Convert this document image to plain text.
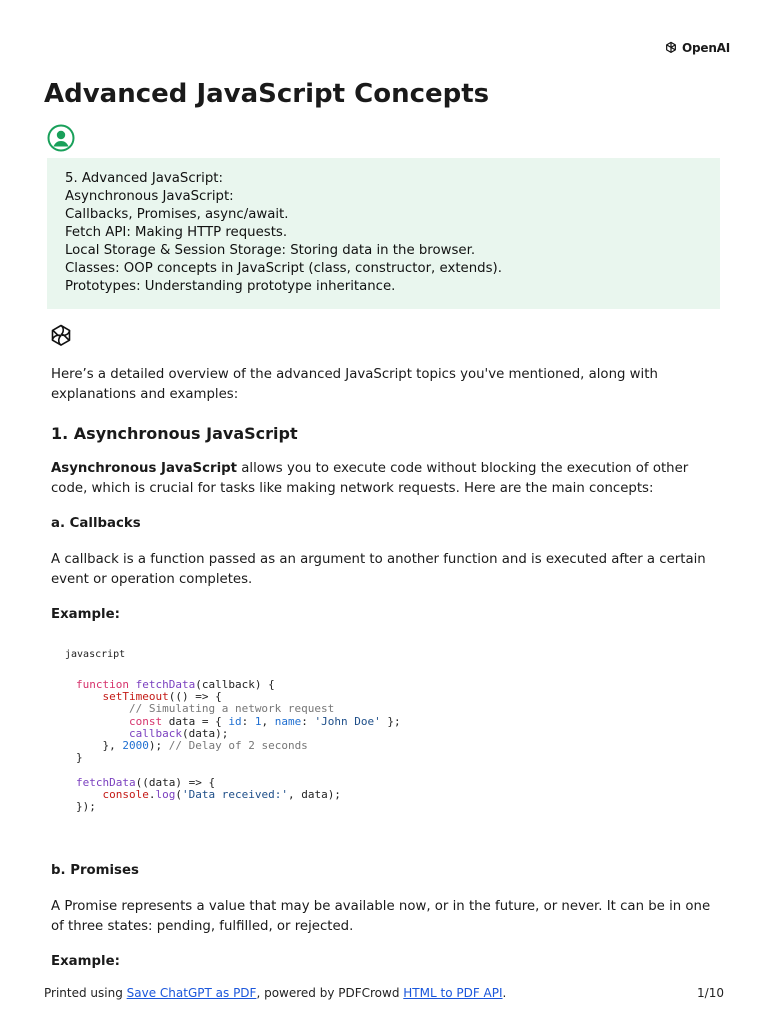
OpenAI
Advanced JavaScript Concepts
5. Advanced JavaScript:
Asynchronous JavaScript:
Callbacks, Promises, async/await.
Fetch API: Making HTTP requests.
Local Storage & Session Storage: Storing data in the browser.
Classes: OOP concepts in JavaScript (class, constructor, extends).
Prototypes: Understanding prototype inheritance.

Here’s a detailed overview of the advanced JavaScript topics you've mentioned, along with explanations and examples:

1. Asynchronous JavaScript

Asynchronous JavaScript allows you to execute code without blocking the execution of other code, which is crucial for tasks like making network requests. Here are the main concepts:

a. Callbacks

A callback is a function passed as an argument to another function and is executed after a certain event or operation completes.

Example:
javascript
function fetchData(callback) {
setTimeout(() => {
// Simulating a network request
const data = { id: 1, name: 'John Doe' };
callback(data);
}, 2000); // Delay of 2 seconds
}
fetchData((data) => {
console.log('Data received:', data);
});
b. Promises

A Promise represents a value that may be available now, or in the future, or never. It can be in one of three states: pending, fulfilled, or rejected.

Example:
Printed using Save ChatGPT as PDF, powered by PDFCrowd HTML to PDF API.	1/10
